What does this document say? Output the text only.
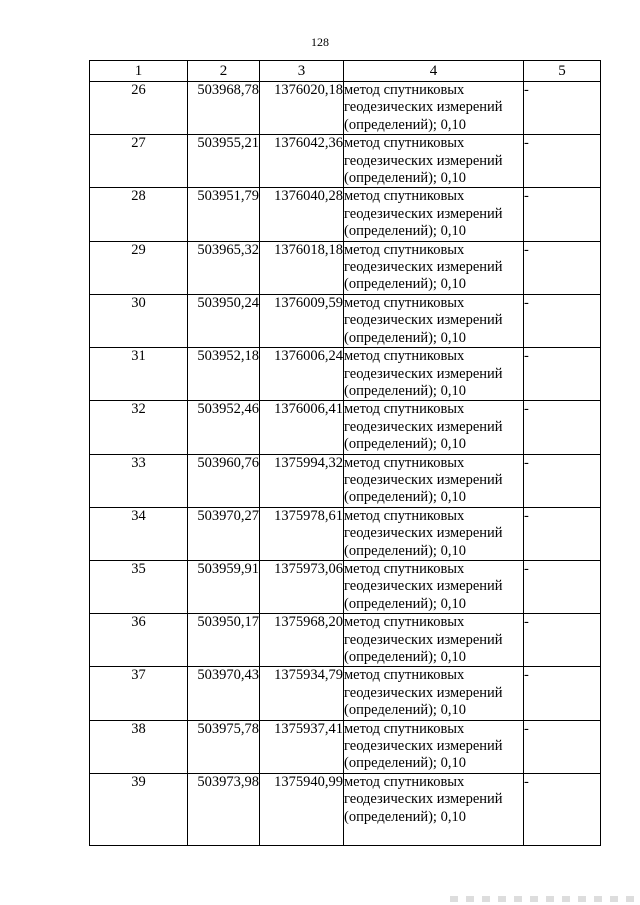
128
1	2	3	4	5
26	503968,78	1376020,18	метод спутниковых
геодезических измерений
(определений); 0,10	-
27	503955,21	1376042,36	метод спутниковых
геодезических измерений
(определений); 0,10	-
28	503951,79	1376040,28	метод спутниковых
геодезических измерений
(определений); 0,10	-
29	503965,32	1376018,18	метод спутниковых
геодезических измерений
(определений); 0,10	-
30	503950,24	1376009,59	метод спутниковых
геодезических измерений
(определений); 0,10	-
31	503952,18	1376006,24	метод спутниковых
геодезических измерений
(определений); 0,10	-
32	503952,46	1376006,41	метод спутниковых
геодезических измерений
(определений); 0,10	-
33	503960,76	1375994,32	метод спутниковых
геодезических измерений
(определений); 0,10	-
34	503970,27	1375978,61	метод спутниковых
геодезических измерений
(определений); 0,10	-
35	503959,91	1375973,06	метод спутниковых
геодезических измерений
(определений); 0,10	-
36	503950,17	1375968,20	метод спутниковых
геодезических измерений
(определений); 0,10	-
37	503970,43	1375934,79	метод спутниковых
геодезических измерений
(определений); 0,10	-
38	503975,78	1375937,41	метод спутниковых
геодезических измерений
(определений); 0,10	-
39	503973,98	1375940,99	метод спутниковых
геодезических измерений
(определений); 0,10	-
